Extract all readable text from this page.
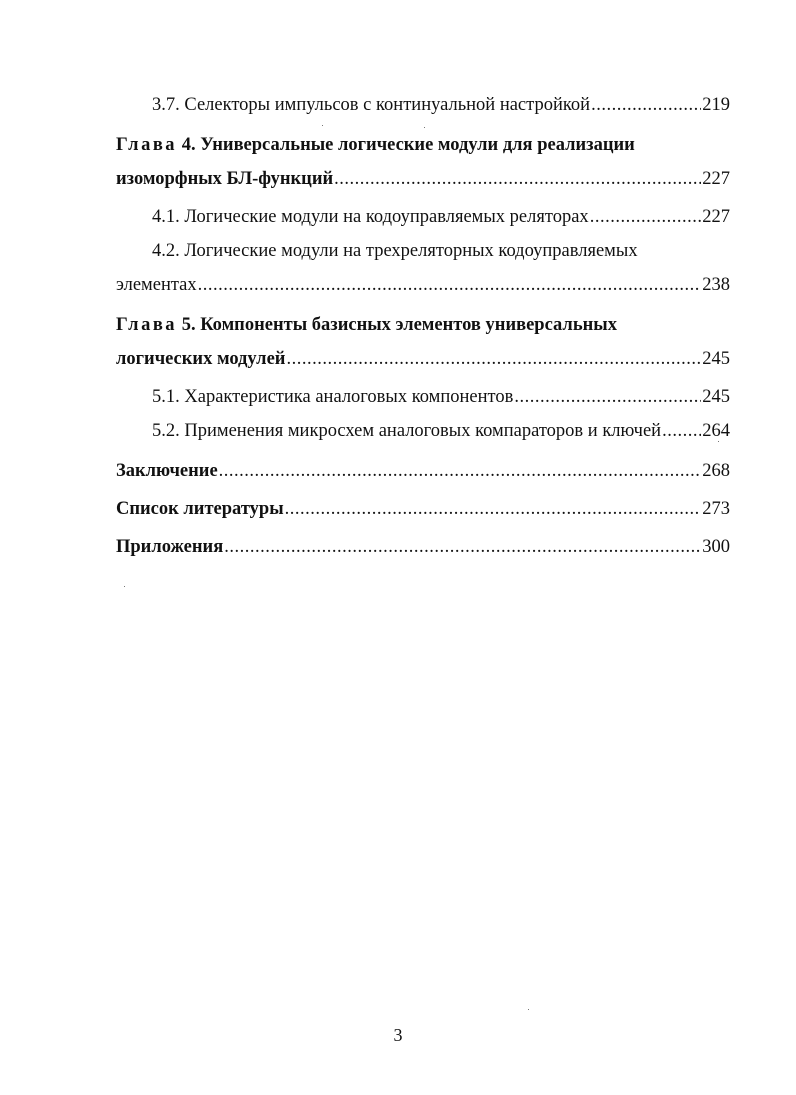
3.7. Селекторы импульсов с континуальной настройкой .....	219
Глава 4. Универсальные логические модули для реализации
изоморфных БЛ-функций .....	227
4.1. Логические модули на кодоуправляемых реляторах .....	227
4.2. Логические модули на трехреляторных кодоуправляемых
элементах .....	238
Глава 5. Компоненты базисных элементов универсальных
логических модулей .....	245
5.1. Характеристика аналоговых компонентов .....	245
5.2. Применения микросхем аналоговых компараторов и ключей ..... 264
Заключение .....	268
Список литературы .....	273
Приложения .....	300
3
